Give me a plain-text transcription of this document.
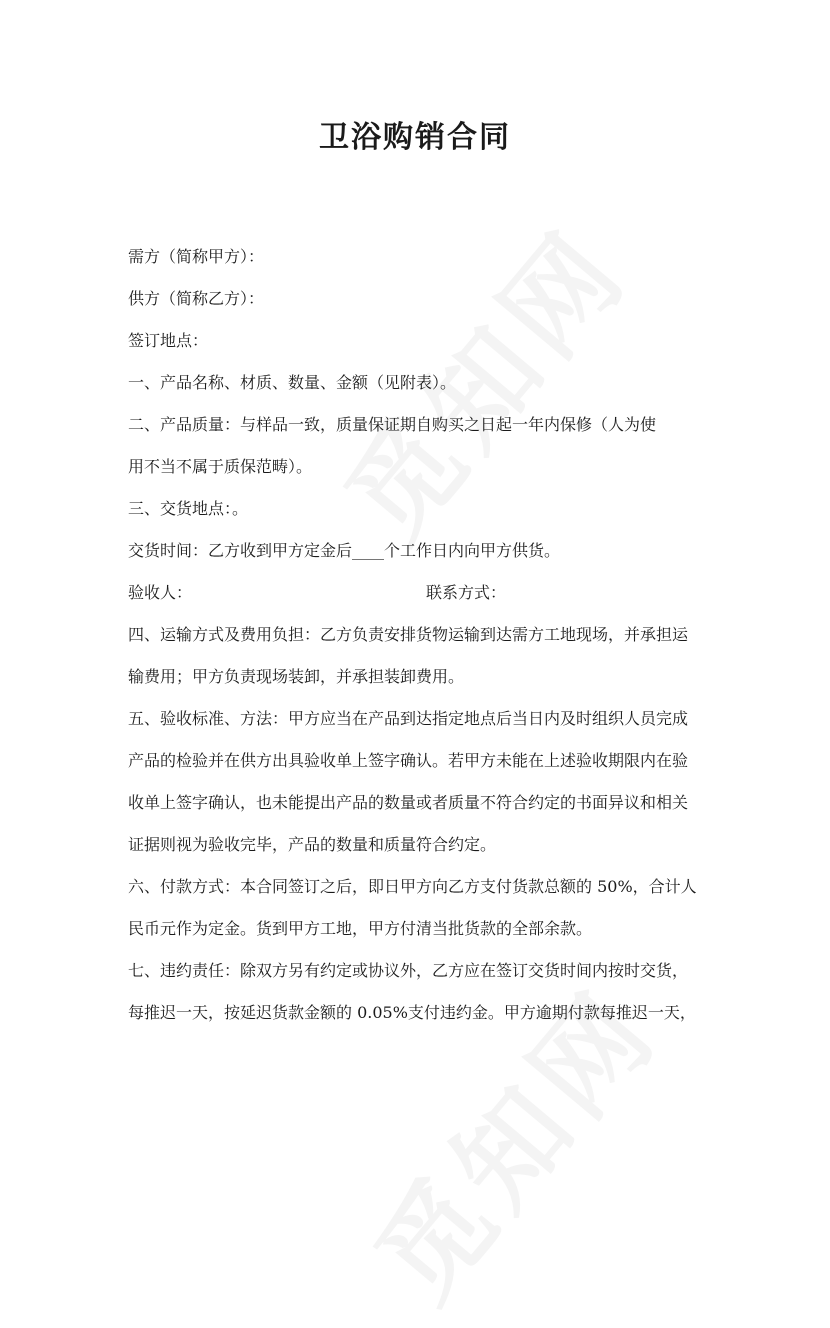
卫浴购销合同

需方（简称甲方）：

供方（简称乙方）：

签订地点：

一、产品名称、材质、数量、金额（见附表）。

二、产品质量：与样品一致，质量保证期自购买之日起一年内保修（人为使

用不当不属于质保范畴）。

三、交货地点：。

交货时间：乙方收到甲方定金后____个工作日内向甲方供货。

验收人：	联系方式：

四、运输方式及费用负担：乙方负责安排货物运输到达需方工地现场，并承担运

输费用；甲方负责现场装卸，并承担装卸费用。

五、验收标准、方法：甲方应当在产品到达指定地点后当日内及时组织人员完成

产品的检验并在供方出具验收单上签字确认。若甲方未能在上述验收期限内在验

收单上签字确认，也未能提出产品的数量或者质量不符合约定的书面异议和相关

证据则视为验收完毕，产品的数量和质量符合约定。

六、付款方式：本合同签订之后，即日甲方向乙方支付货款总额的 50%，合计人

民币元作为定金。货到甲方工地，甲方付清当批货款的全部余款。

七、违约责任：除双方另有约定或协议外，乙方应在签订交货时间内按时交货，

每推迟一天，按延迟货款金额的 0.05%支付违约金。甲方逾期付款每推迟一天，
